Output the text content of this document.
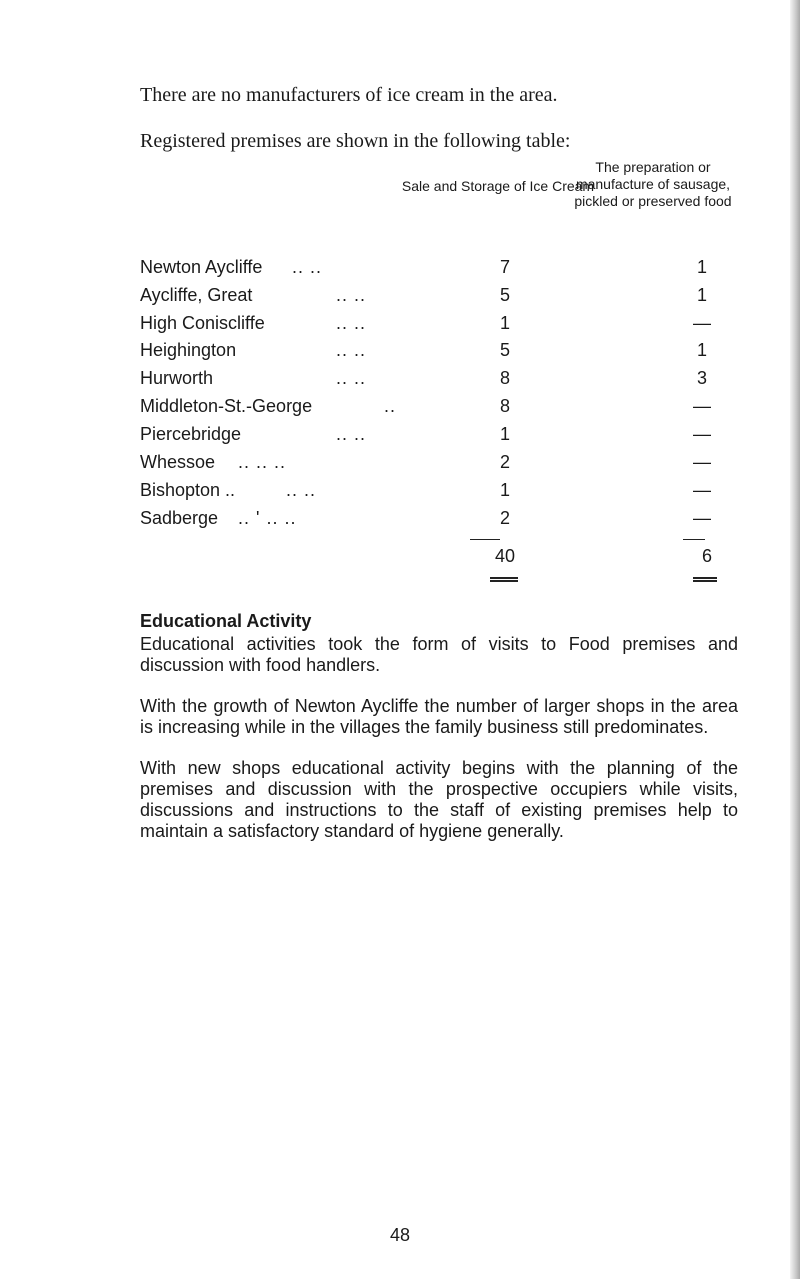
There are no manufacturers of ice cream in the area.
Registered premises are shown in the following table:
Sale and Storage of Ice Cream
The preparation or manufacture of sausage, pickled or preserved food
Newton Aycliffe .. ..	7	1
Aycliffe, Great	.. ..	5	1
High Coniscliffe	.. ..	1	—
Heighington	.. ..	5	1
Hurworth	.. ..	8	3
Middleton-St.-George	..	8	—
Piercebridge	.. ..	1	—
Whessoe .. .. ..	2	—
Bishopton ..	.. ..	1	—
Sadberge .. ' .. ..	2	—
40	6
Educational Activity
Educational activities took the form of visits to Food premises and discussion with food handlers.
With the growth of Newton Aycliffe the number of larger shops in the area is increasing while in the villages the family business still predominates.
With new shops educational activity begins with the planning of the premises and discussion with the prospective occupiers while visits, discussions and instructions to the staff of existing premises help to maintain a satisfactory standard of hygiene generally.
48
